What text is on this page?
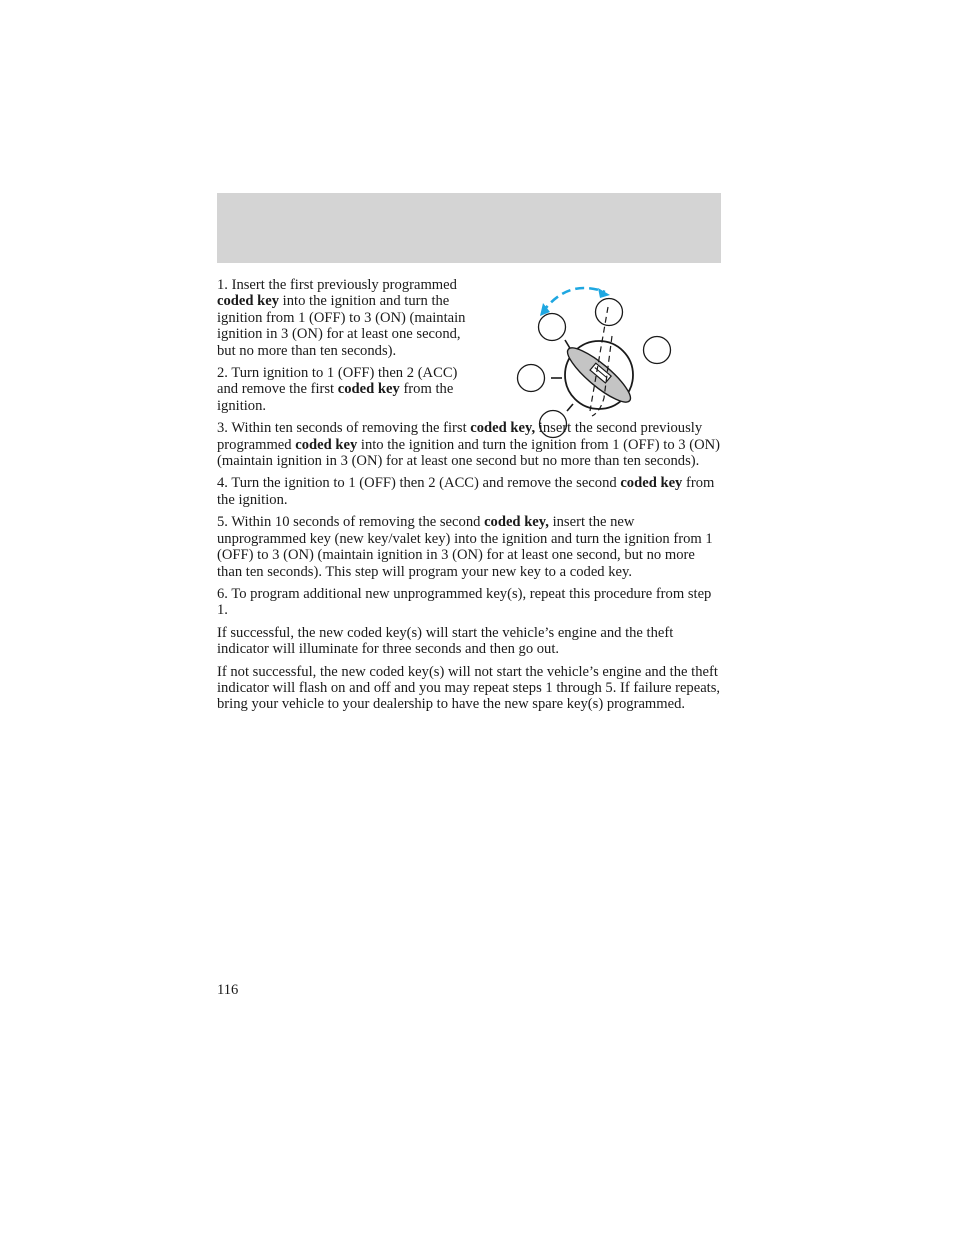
1. Insert the first previously programmed coded key into the ignition and turn the ignition from 1 (OFF) to 3 (ON) (maintain ignition in 3 (ON) for at least one second, but no more than ten seconds).

2. Turn ignition to 1 (OFF) then 2 (ACC) and remove the first coded key from the ignition.

3. Within ten seconds of removing the first coded key, insert the second previously programmed coded key into the ignition and turn the ignition from 1 (OFF) to 3 (ON) (maintain ignition in 3 (ON) for at least one second but no more than ten seconds).

4. Turn the ignition to 1 (OFF) then 2 (ACC) and remove the second coded key from the ignition.

5. Within 10 seconds of removing the second coded key, insert the new unprogrammed key (new key/valet key) into the ignition and turn the ignition from 1 (OFF) to 3 (ON) (maintain ignition in 3 (ON) for at least one second, but no more than ten seconds). This step will program your new key to a coded key.

6. To program additional new unprogrammed key(s), repeat this procedure from step 1.

If successful, the new coded key(s) will start the vehicle’s engine and the theft indicator will illuminate for three seconds and then go out.

If not successful, the new coded key(s) will not start the vehicle’s engine and the theft indicator will flash on and off and you may repeat steps 1 through 5. If failure repeats, bring your vehicle to your dealership to have the new spare key(s) programmed.

116
